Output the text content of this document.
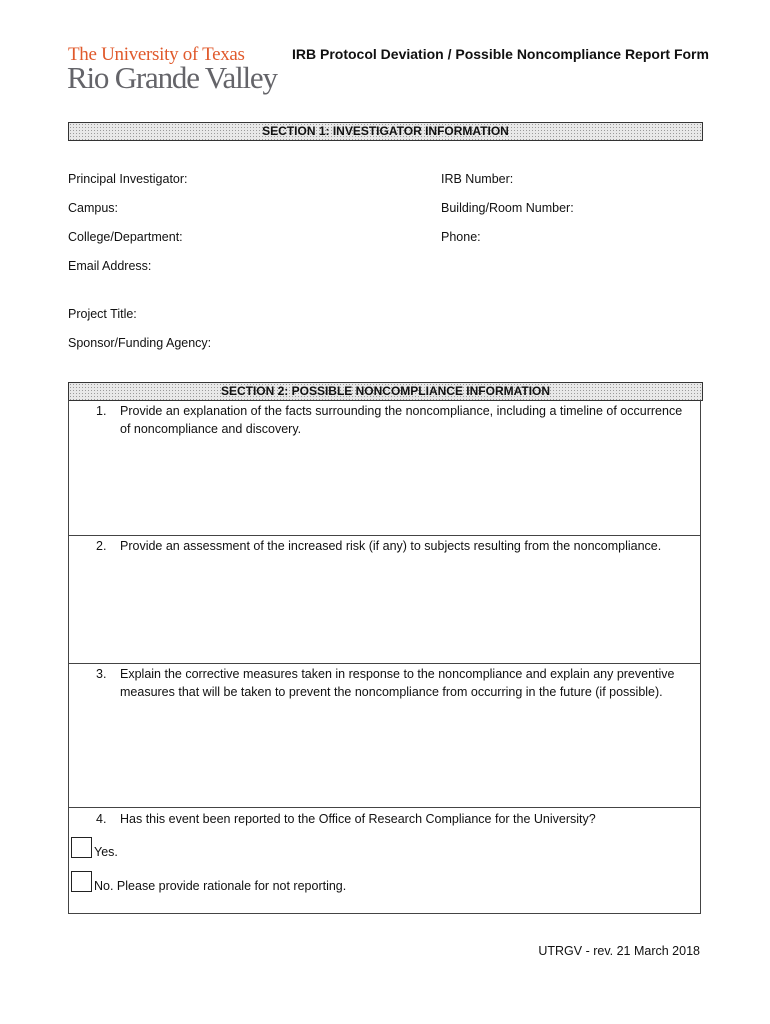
The University of Texas
Rio Grande Valley
IRB Protocol Deviation / Possible Noncompliance Report Form
SECTION 1: INVESTIGATOR INFORMATION
Principal Investigator:	IRB Number:
Campus:	Building/Room Number:
College/Department:	Phone:
Email Address:
Project Title:
Sponsor/Funding Agency:
SECTION 2: POSSIBLE NONCOMPLIANCE INFORMATION
1. Provide an explanation of the facts surrounding the noncompliance, including a timeline of occurrence of noncompliance and discovery.
2. Provide an assessment of the increased risk (if any) to subjects resulting from the noncompliance.
3. Explain the corrective measures taken in response to the noncompliance and explain any preventive measures that will be taken to prevent the noncompliance from occurring in the future (if possible).
4. Has this event been reported to the Office of Research Compliance for the University?
Yes.
No. Please provide rationale for not reporting.
UTRGV - rev. 21 March 2018
